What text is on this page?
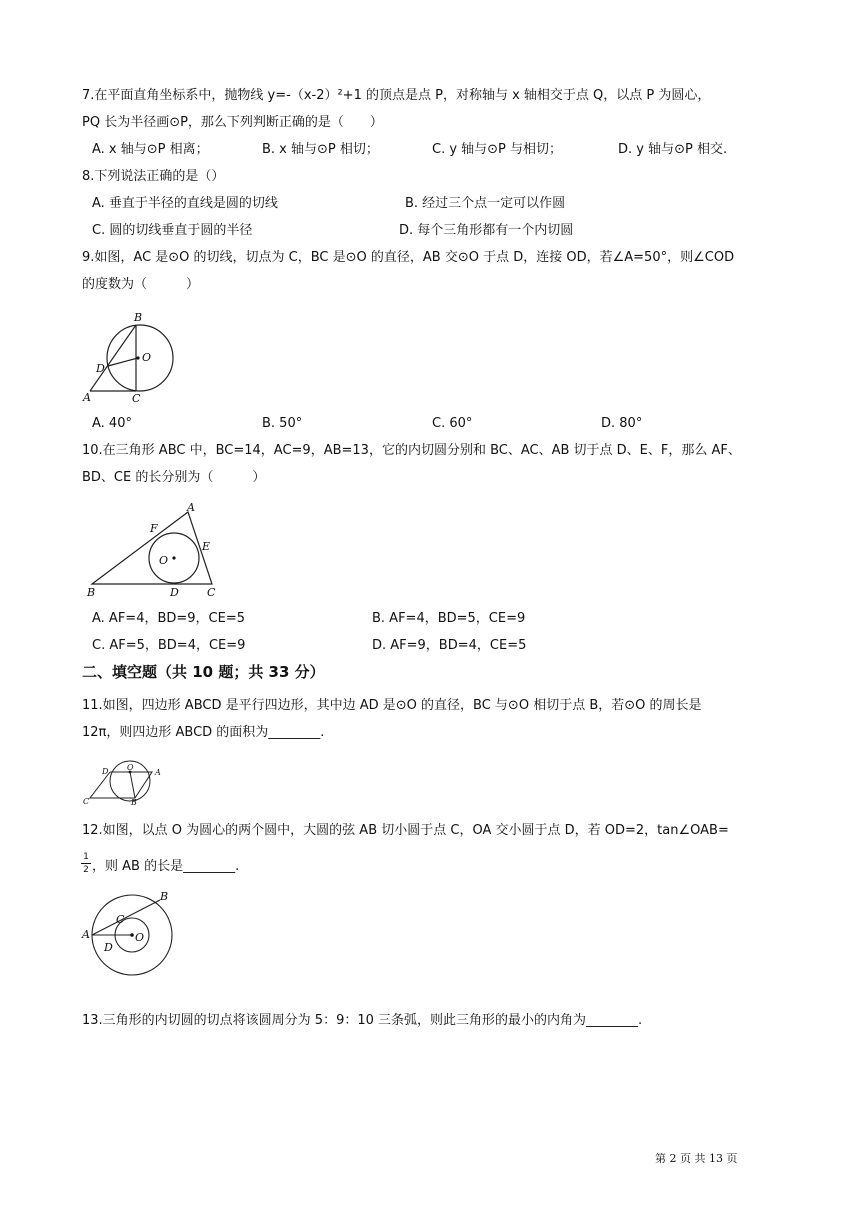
7.在平面直角坐标系中，抛物线 y=-（x-2）²+1 的顶点是点 P，对称轴与 x 轴相交于点 Q，以点 P 为圆心，
PQ 长为半径画⊙P，那么下列判断正确的是（　　）
A. x 轴与⊙P 相离；	B. x 轴与⊙P 相切；	C. y 轴与⊙P 与相切；	D. y 轴与⊙P 相交.
8.下列说法正确的是（）
A. 垂直于半径的直线是圆的切线	B. 经过三个点一定可以作圆
C. 圆的切线垂直于圆的半径	D. 每个三角形都有一个内切圆
9.如图，AC 是⊙O 的切线，切点为 C，BC 是⊙O 的直径，AB 交⊙O 于点 D，连接 OD，若∠A=50°，则∠COD
的度数为（　　　）
B
O
D
A	C
A. 40°	B. 50°	C. 60°	D. 80°
10.在三角形 ABC 中，BC=14，AC=9，AB=13，它的内切圆分别和 BC、AC、AB 切于点 D、E、F，那么 AF、
BD、CE 的长分别为（　　　）
A
F
E
O
B	D	C
A. AF=4，BD=9，CE=5	B. AF=4，BD=5，CE=9
C. AF=5，BD=4，CE=9	D. AF=9，BD=4，CE=5
二、填空题（共 10 题；共 33 分）
11.如图，四边形 ABCD 是平行四边形，其中边 AD 是⊙O 的直径，BC 与⊙O 相切于点 B，若⊙O 的周长是
12π，则四边形 ABCD 的面积为________.
D O
A
C	B
12.如图，以点 O 为圆心的两个圆中，大圆的弦 AB 切小圆于点 C，OA 交小圆于点 D，若 OD=2，tan∠OAB=
1
2 ，则 AB 的长是________.
B
C
A	O
D
13.三角形的内切圆的切点将该圆周分为 5：9：10 三条弧，则此三角形的最小的内角为________.
第 2 页 共 13 页
